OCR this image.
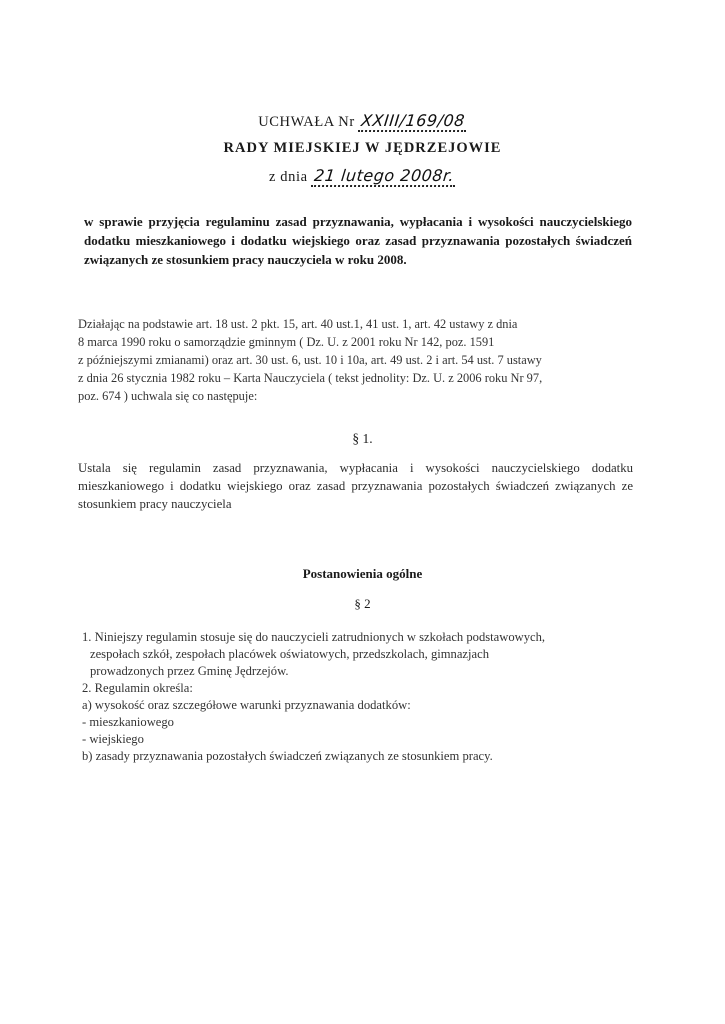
UCHWAŁA Nr XXIII/169/08
RADY MIEJSKIEJ W JĘDRZEJOWIE
z dnia 21 lutego 2008r.
w sprawie przyjęcia regulaminu zasad przyznawania, wypłacania i wysokości nauczycielskiego dodatku mieszkaniowego i dodatku wiejskiego oraz zasad przyznawania pozostałych świadczeń związanych ze stosunkiem pracy nauczyciela w roku 2008.
Działając na podstawie art. 18 ust. 2 pkt. 15, art. 40 ust.1, 41 ust. 1, art. 42 ustawy z dnia
8 marca 1990 roku o samorządzie gminnym ( Dz. U. z 2001 roku Nr 142, poz. 1591
z późniejszymi zmianami) oraz art. 30 ust. 6, ust. 10 i 10a, art. 49 ust. 2 i art. 54 ust. 7 ustawy
z dnia 26 stycznia 1982 roku – Karta Nauczyciela ( tekst jednolity: Dz. U. z 2006 roku Nr 97,
poz. 674 ) uchwala się co następuje:
§ 1.
Ustala się regulamin zasad przyznawania, wypłacania i wysokości nauczycielskiego dodatku mieszkaniowego i dodatku wiejskiego oraz zasad przyznawania pozostałych świadczeń związanych ze stosunkiem pracy nauczyciela
Postanowienia ogólne
§ 2
1. Niniejszy regulamin stosuje się do nauczycieli zatrudnionych w szkołach podstawowych,
zespołach szkół, zespołach placówek oświatowych, przedszkolach, gimnazjach
prowadzonych przez Gminę Jędrzejów.
2. Regulamin określa:
a) wysokość oraz szczegółowe warunki przyznawania dodatków:
- mieszkaniowego
- wiejskiego
b) zasady przyznawania pozostałych świadczeń związanych ze stosunkiem pracy.
